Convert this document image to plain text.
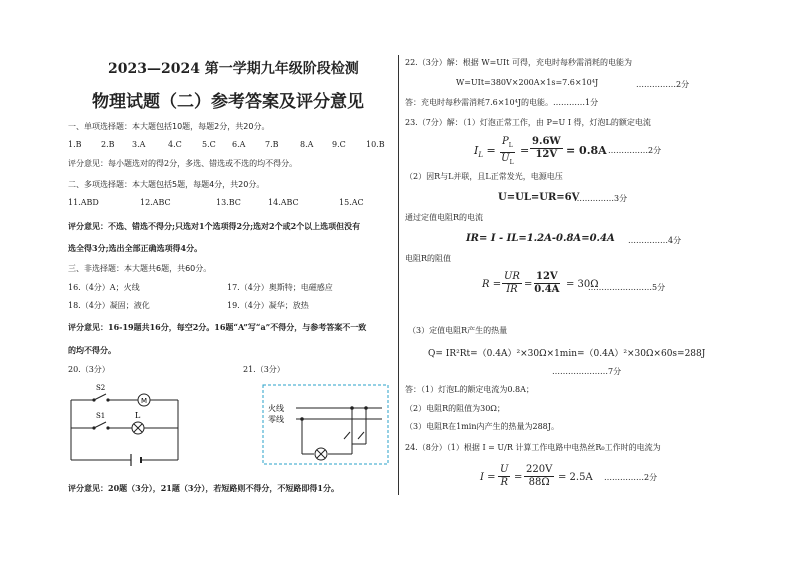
2023—2024 第一学期九年级阶段检测
物理试题（二）参考答案及评分意见
一、单项选择题：本大题包括10题，每题2分，共20分。
1.B 2.B 3.A	4.C	5.C 6.A 7.B	8.A 9.C	10.B
评分意见：每小题选对的得2分，多选、错选或不选的均不得分。
二、多项选择题：本大题包括5题，每题4分，共20分。
11.ABD	12.ABC	13.BC	14.ABC	15.AC
评分意见：不选、错选不得分;只选对1个选项得2分;选对2个或2个以上选项但没有
选全得3分;选出全部正确选项得4分。
三、非选择题：本大题共6题，共60分。
16.（4分）A；火线	17.（4分）奥斯特；电磁感应
18.（4分）凝固；液化	19.（4分）凝华；放热
评分意见：16-19题共16分，每空2分。16题“A”写“a”不得分，与参考答案不一致
的均不得分。
20.（3分）	21.（3分）
M
S2
S1	L
火线
零线
评分意见：20题（3分），21题（3分），若短路则不得分，不短路即得1分。
22.（3分）解：根据 W=UIt 可得，充电时每秒需消耗的电能为
W=UIt=380V×200A×1s=7.6×10⁴J	……………2分
答：充电时每秒需消耗7.6×10⁴J的电能。…………1分
23.（7分）解：（1）灯泡正常工作，由 P=U I 得，灯泡L的额定电流
$I_L = \frac{P_L}{U_L} = \frac{9.6W}{12V} = 0.8A$ ……………2分
（2）因R与L并联，且L正常发光，电源电压
U=UL=UR=6V
……………3分
通过定值电阻R的电流
IR= I - IL=1.2A-0.8A=0.4A ……………4分
电阻R的阻值
$R = \frac{UR}{IR} = \frac{12V}{0.4A} = 30\Omega$
……………………5分
（3）定值电阻R产生的热量
Q= IR²Rt=（0.4A）²×30Ω×1min=（0.4A）²×30Ω×60s=288J
…………………7分
答：（1）灯泡L的额定电流为0.8A；
（2）电阻R的阻值为30Ω；
（3）电阻R在1min内产生的热量为288J。
24.（8分）（1）根据 I = U/R 计算工作电路中电热丝R₀工作时的电流为
$I = \frac{U}{R} = \frac{220V}{88\Omega} = 2.5A$ ……………2分
